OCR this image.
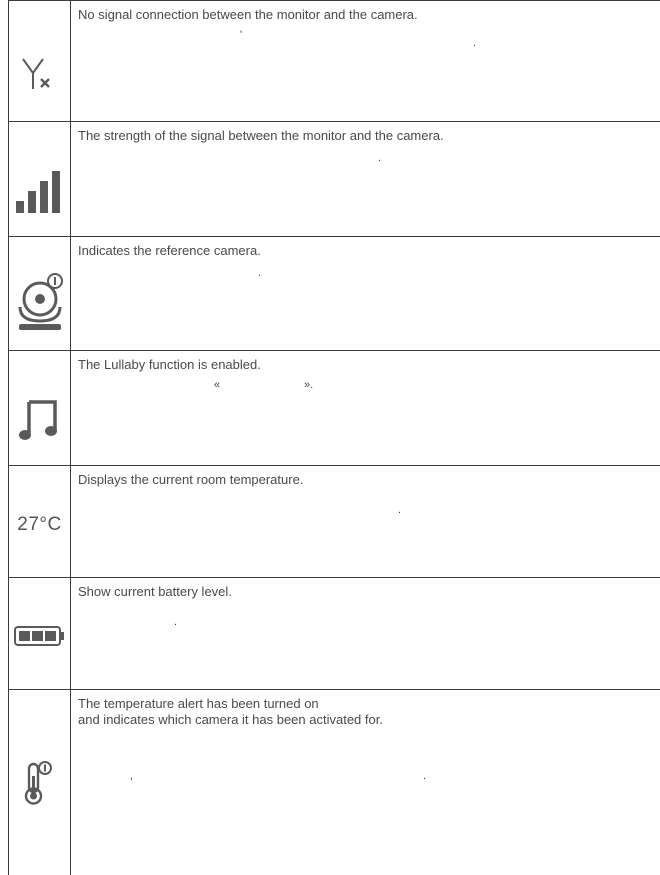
No signal connection between the monitor and the camera.
'
.
The strength of the signal between the monitor and the camera.
.
Indicates the reference camera.
.
The Lullaby function is enabled.
«	».
27°C
Displays the current room temperature.
.
Show current battery level.
.
The temperature alert has been turned on
and indicates which camera it has been activated for.
,	.
